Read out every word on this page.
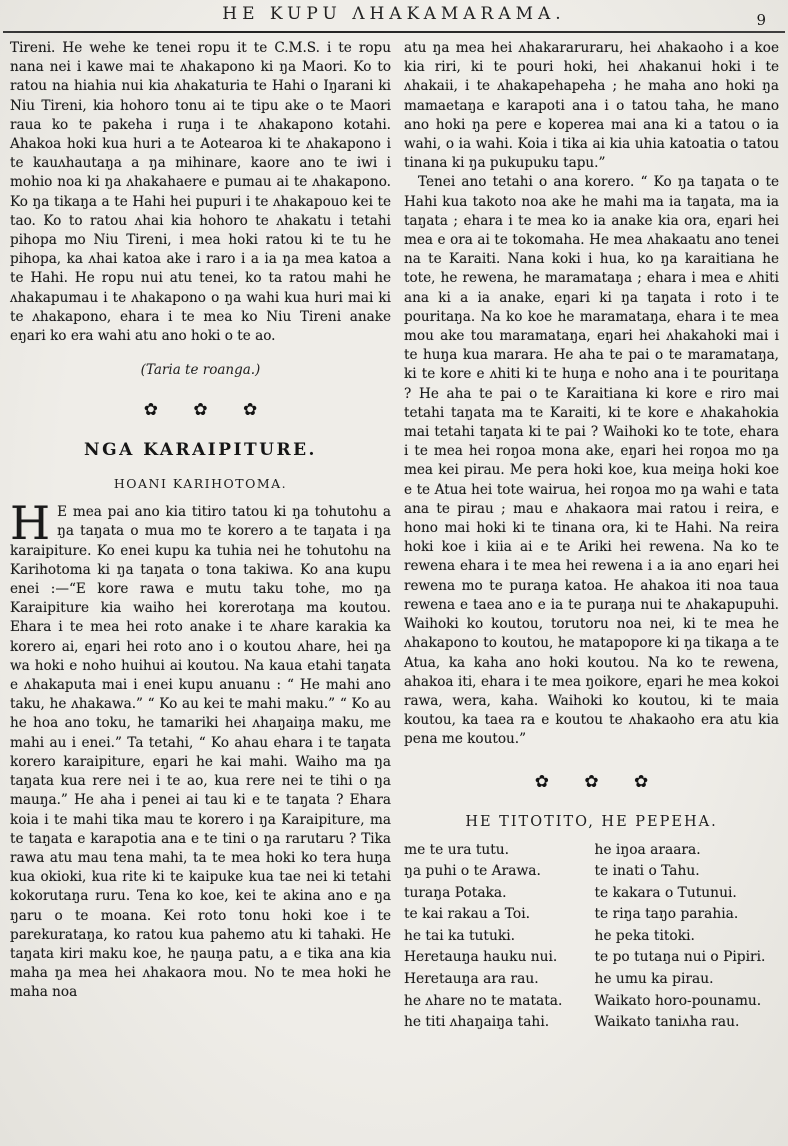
HE KUPU ΛHAKAMARAMA.	9

Tireni. He wehe ke tenei ropu it te C.M.S. i te ropu nana nei i kawe mai te ʌhakapono ki ŋa Maori. Ko to ratou na hiahia nui kia ʌhakaturia te Hahi o Iŋarani ki Niu Tireni, kia hohoro tonu ai te tipu ake o te Maori raua ko te pakeha i ruŋa i te ʌhakapono kotahi. Ahakoa hoki kua huri a te Aotearoa ki te ʌhakapono i te kauʌhautaŋa a ŋa mihinare, kaore ano te iwi i mohio noa ki ŋa ʌhakahaere e pumau ai te ʌhakapono. Ko ŋa tikaŋa a te Hahi hei pupuri i te ʌhakapouo kei te tao. Ko to ratou ʌhai kia hohoro te ʌhakatu i tetahi pihopa mo Niu Tireni, i mea hoki ratou ki te tu he pihopa, ka ʌhai katoa ake i raro i a ia ŋa mea katoa a te Hahi. He ropu nui atu tenei, ko ta ratou mahi he ʌhakapumau i te ʌhakapono o ŋa wahi kua huri mai ki te ʌhakapono, ehara i te mea ko Niu Tireni anake eŋari ko era wahi atu ano hoki o te ao.

(Taria te roanga.)

✿ ✿ ✿
NGA KARAIPITURE.
HOANI KARIHOTOMA.

H E mea pai ano kia titiro tatou ki ŋa tohutohu a ŋa taŋata o mua mo te korero a te taŋata i ŋa karaipiture. Ko enei kupu ka tuhia nei he tohutohu na Karihotoma ki ŋa taŋata o tona takiwa. Ko ana kupu enei :—“E kore rawa e mutu taku tohe, mo ŋa Karaipiture kia waiho hei korerotaŋa ma koutou. Ehara i te mea hei roto anake i te ʌhare karakia ka korero ai, eŋari hei roto ano i o koutou ʌhare, hei ŋa wa hoki e noho huihui ai koutou. Na kaua etahi taŋata e ʌhakaputa mai i enei kupu anuanu : “ He mahi ano taku, he ʌhakawa.” “ Ko au kei te mahi maku.” “ Ko au he hoa ano toku, he tamariki hei ʌhaŋaiŋa maku, me mahi au i enei.” Ta tetahi, “ Ko ahau ehara i te taŋata korero karaipiture, eŋari he kai mahi. Waiho ma ŋa taŋata kua rere nei i te ao, kua rere nei te tihi o ŋa mauŋa.” He aha i penei ai tau ki e te taŋata ? Ehara koia i te mahi tika mau te korero i ŋa Karaipiture, ma te taŋata e karapotia ana e te tini o ŋa rarutaru ? Tika rawa atu mau tena mahi, ta te mea hoki ko tera huŋa kua okioki, kua rite ki te kaipuke kua tae nei ki tetahi kokorutaŋa ruru. Tena ko koe, kei te akina ano e ŋa ŋaru o te moana. Kei roto tonu hoki koe i te parekurataŋa, ko ratou kua pahemo atu ki tahaki. He taŋata kiri maku koe, he ŋauŋa patu, a e tika ana kia maha ŋa mea hei ʌhakaora mou. No te mea hoki he maha noa

atu ŋa mea hei ʌhakararuraru, hei ʌhakaoho i a koe kia riri, ki te pouri hoki, hei ʌhakanui hoki i te ʌhakaii, i te ʌhakapehapeha ; he maha ano hoki ŋa mamaetaŋa e karapoti ana i o tatou taha, he mano ano hoki ŋa pere e koperea mai ana ki a tatou o ia wahi, o ia wahi. Koia i tika ai kia uhia katoatia o tatou tinana ki ŋa pukupuku tapu.”

Tenei ano tetahi o ana korero. “ Ko ŋa taŋata o te Hahi kua takoto noa ake he mahi ma ia taŋata, ma ia taŋata ; ehara i te mea ko ia anake kia ora, eŋari hei mea e ora ai te tokomaha. He mea ʌhakaatu ano tenei na te Karaiti. Nana koki i hua, ko ŋa karaitiana he tote, he rewena, he maramataŋa ; ehara i mea e ʌhiti ana ki a ia anake, eŋari ki ŋa taŋata i roto i te pouritaŋa. Na ko koe he maramataŋa, ehara i te mea mou ake tou maramataŋa, eŋari hei ʌhakahoki mai i te huŋa kua marara. He aha te pai o te maramataŋa, ki te kore e ʌhiti ki te huŋa e noho ana i te pouritaŋa ? He aha te pai o te Karaitiana ki kore e riro mai tetahi taŋata ma te Karaiti, ki te kore e ʌhakahokia mai tetahi taŋata ki te pai ? Waihoki ko te tote, ehara i te mea hei roŋoa mona ake, eŋari hei roŋoa mo ŋa mea kei pirau. Me pera hoki koe, kua meiŋa hoki koe e te Atua hei tote wairua, hei roŋoa mo ŋa wahi e tata ana te pirau ; mau e ʌhakaora mai ratou i reira, e hono mai hoki ki te tinana ora, ki te Hahi. Na reira hoki koe i kiia ai e te Ariki hei rewena. Na ko te rewena ehara i te mea hei rewena i a ia ano eŋari hei rewena mo te puraŋa katoa. He ahakoa iti noa taua rewena e taea ano e ia te puraŋa nui te ʌhakapupuhi. Waihoki ko koutou, torutoru noa nei, ki te mea he ʌhakapono to koutou, he matapopore ki ŋa tikaŋa a te Atua, ka kaha ano hoki koutou. Na ko te rewena, ahakoa iti, ehara i te mea ŋoikore, eŋari he mea kokoi rawa, wera, kaha. Waihoki ko koutou, ki te maia koutou, ka taea ra e koutou te ʌhakaoho era atu kia pena me koutou.”

✿ ✿ ✿
HE TITOTITO, HE PEPEHA.
me te ura tutu.
ŋa puhi o te Arawa.
turaŋa Potaka.
te kai rakau a Toi.
he tai ka tutuki.
Heretauŋa hauku nui.
Heretauŋa ara rau.
he ʌhare no te matata.
he titi ʌhaŋaiŋa tahi.
he iŋoa araara.
te inati o Tahu.
te kakara o Tutunui.
te riŋa taŋo parahia.
he peka titoki.
te po tutaŋa nui o Pipiri.
he umu ka pirau.
Waikato horo-pounamu.
Waikato taniʌha rau.
